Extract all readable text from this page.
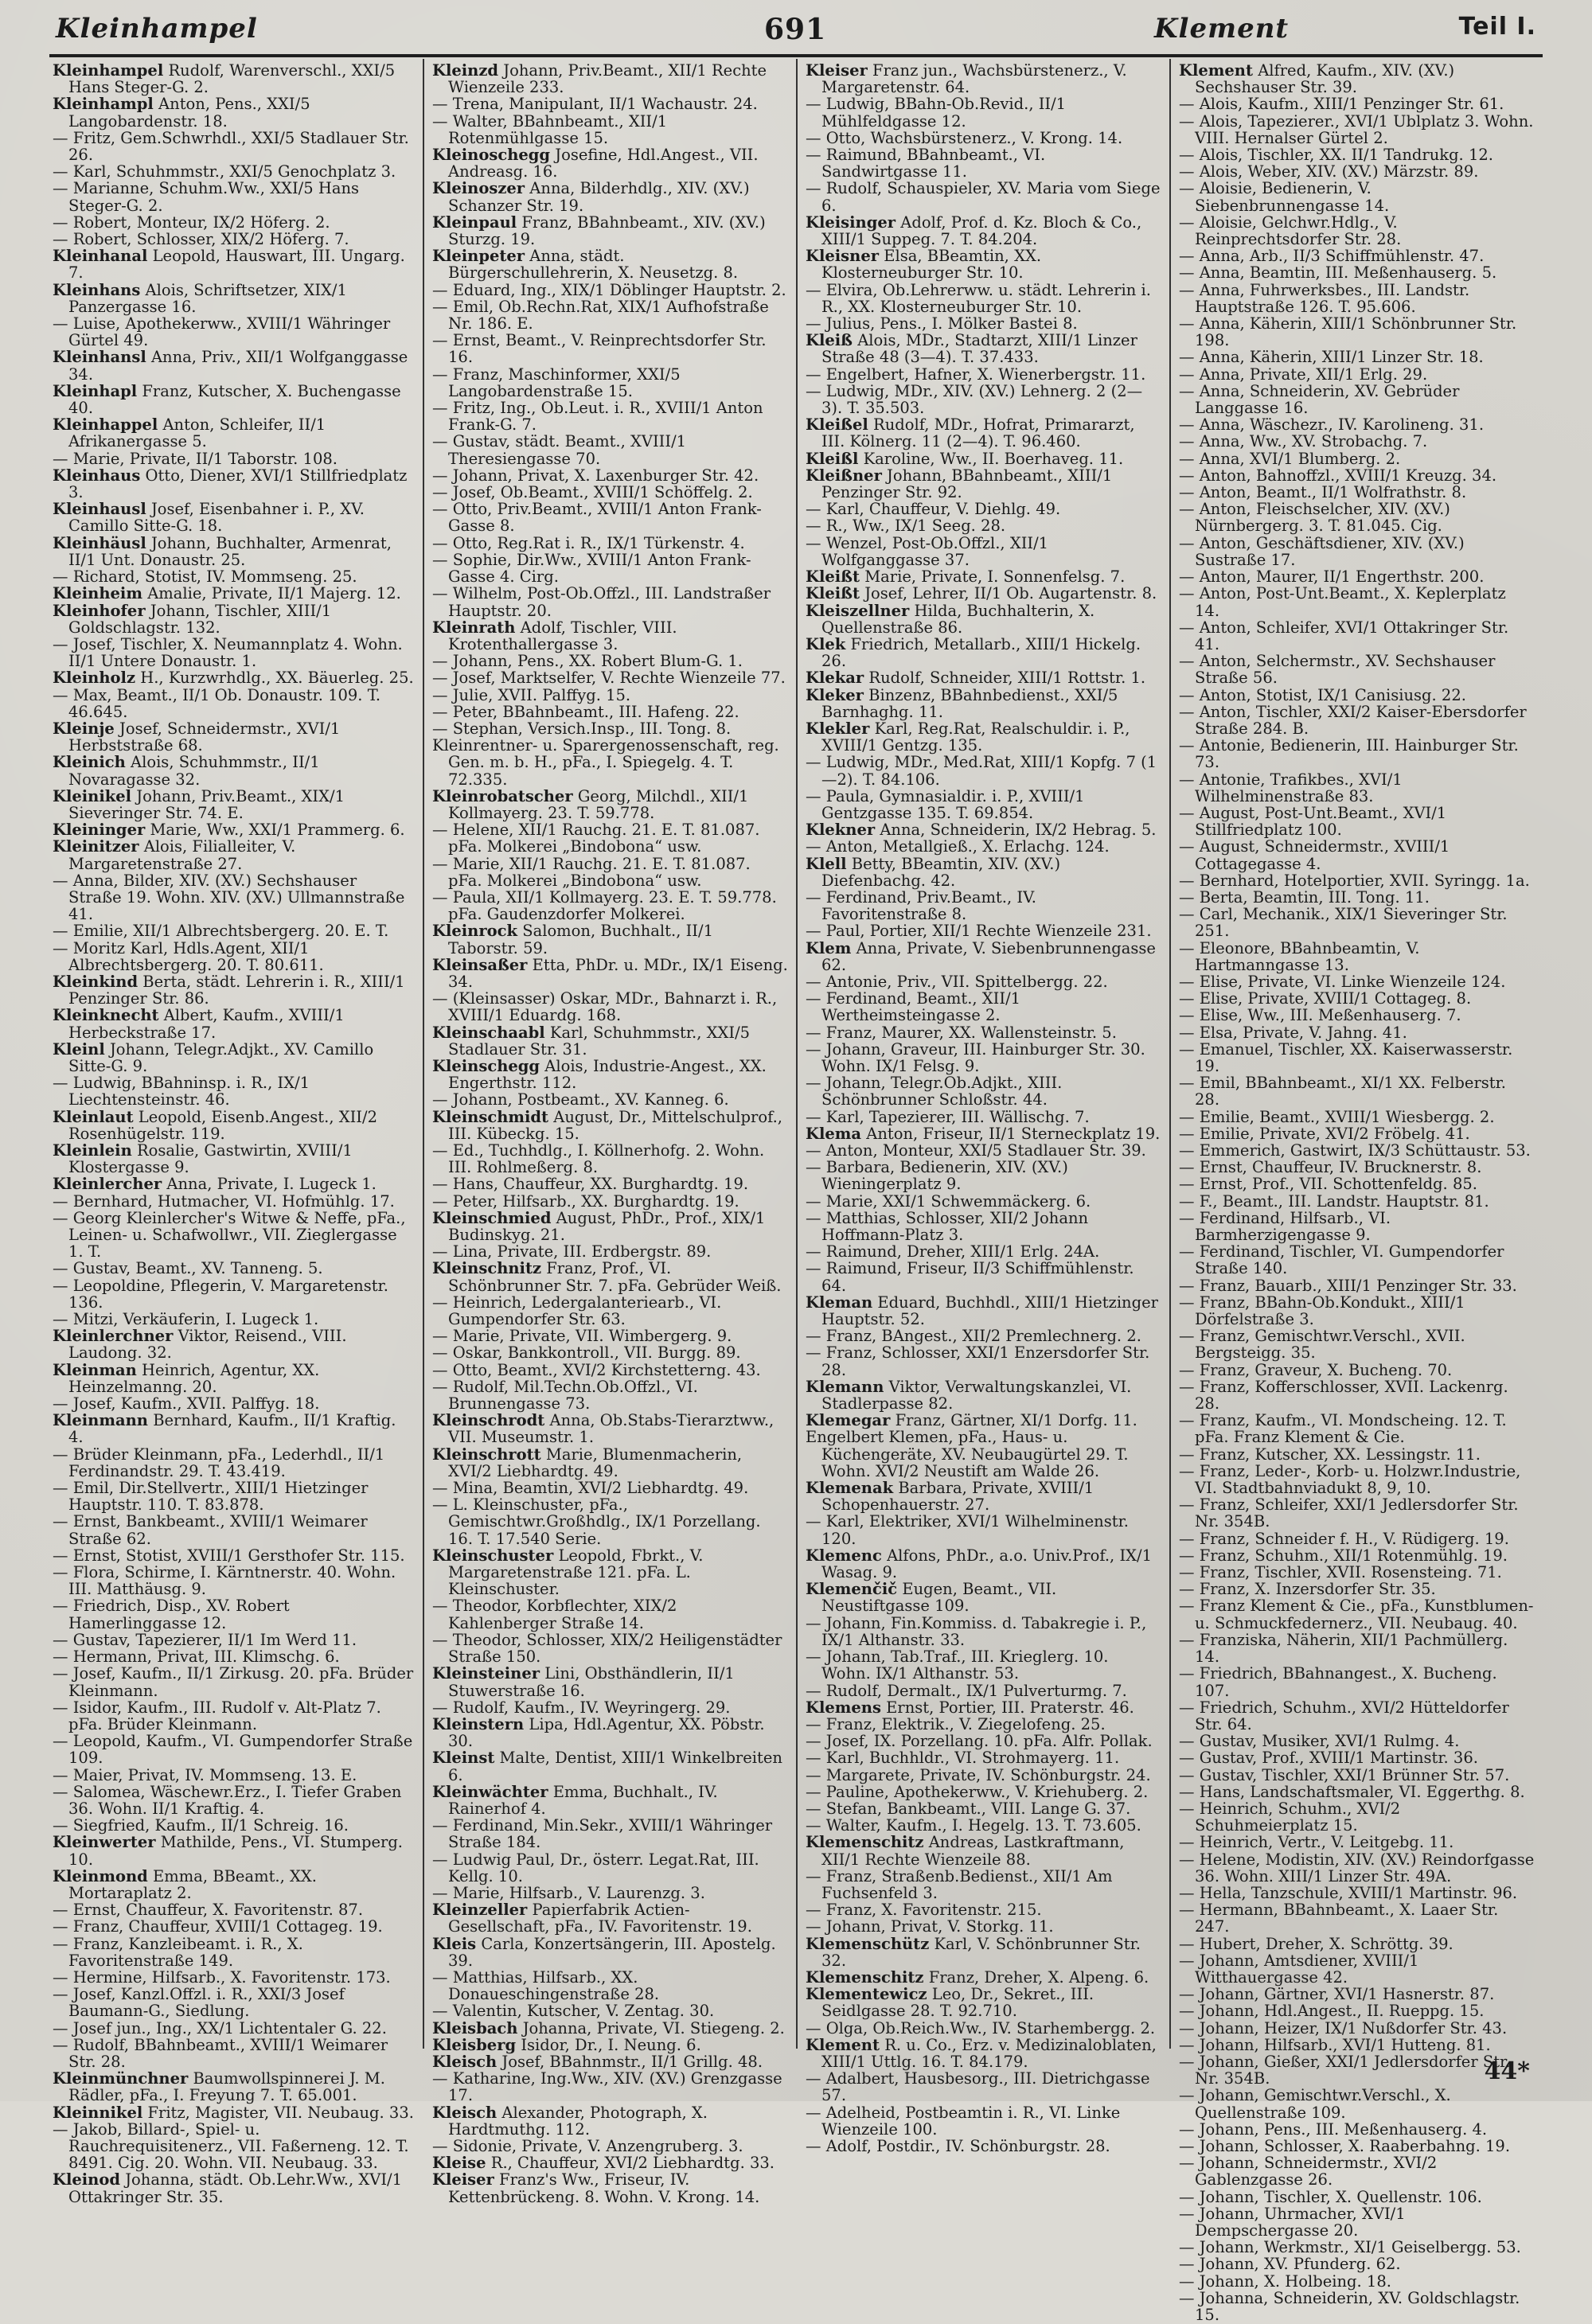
Kleinhampel	691	Klement	Teil I.

Kleinhampel Rudolf, Warenverschl., XXI/5 Hans Steger-G. 2.

Kleinhampl Anton, Pens., XXI/5 Langobardenstr. 18.

— Fritz, Gem.Schwrhdl., XXI/5 Stadlauer Str. 26.

— Karl, Schuhmmstr., XXI/5 Genochplatz 3.

— Marianne, Schuhm.Ww., XXI/5 Hans Steger-G. 2.

— Robert, Monteur, IX/2 Höferg. 2.

— Robert, Schlosser, XIX/2 Höferg. 7.

Kleinhanal Leopold, Hauswart, III. Ungarg. 7.

Kleinhans Alois, Schriftsetzer, XIX/1 Panzergasse 16.

— Luise, Apothekerww., XVIII/1 Währinger Gürtel 49.

Kleinhansl Anna, Priv., XII/1 Wolfganggasse 34.

Kleinhapl Franz, Kutscher, X. Buchengasse 40.

Kleinhappel Anton, Schleifer, II/1 Afrikanergasse 5.

— Marie, Private, II/1 Taborstr. 108.

Kleinhaus Otto, Diener, XVI/1 Stillfriedplatz 3.

Kleinhausl Josef, Eisenbahner i. P., XV. Camillo Sitte-G. 18.

Kleinhäusl Johann, Buchhalter, Armenrat, II/1 Unt. Donaustr. 25.

— Richard, Stotist, IV. Mommseng. 25.

Kleinheim Amalie, Private, II/1 Majerg. 12.

Kleinhofer Johann, Tischler, XIII/1 Goldschlagstr. 132.

— Josef, Tischler, X. Neumannplatz 4. Wohn. II/1 Untere Donaustr. 1.

Kleinholz H., Kurzwrhdlg., XX. Bäuerleg. 25.

— Max, Beamt., II/1 Ob. Donaustr. 109. T. 46.645.

Kleinje Josef, Schneidermstr., XVI/1 Herbststraße 68.

Kleinich Alois, Schuhmmstr., II/1 Novaragasse 32.

Kleinikel Johann, Priv.Beamt., XIX/1 Sieveringer Str. 74. E.

Kleininger Marie, Ww., XXI/1 Prammerg. 6.

Kleinitzer Alois, Filialleiter, V. Margaretenstraße 27.

— Anna, Bilder, XIV. (XV.) Sechshauser Straße 19. Wohn. XIV. (XV.) Ullmannstraße 41.

— Emilie, XII/1 Albrechtsbergerg. 20. E. T.

— Moritz Karl, Hdls.Agent, XII/1 Albrechtsbergerg. 20. T. 80.611.

Kleinkind Berta, städt. Lehrerin i. R., XIII/1 Penzinger Str. 86.

Kleinknecht Albert, Kaufm., XVIII/1 Herbeckstraße 17.

Kleinl Johann, Telegr.Adjkt., XV. Camillo Sitte-G. 9.

— Ludwig, BBahninsp. i. R., IX/1 Liechtensteinstr. 46.

Kleinlaut Leopold, Eisenb.Angest., XII/2 Rosenhügelstr. 119.

Kleinlein Rosalie, Gastwirtin, XVIII/1 Klostergasse 9.

Kleinlercher Anna, Private, I. Lugeck 1.

— Bernhard, Hutmacher, VI. Hofmühlg. 17.

— Georg Kleinlercher's Witwe & Neffe, pFa., Leinen- u. Schafwollwr., VII. Zieglergasse 1. T.

— Gustav, Beamt., XV. Tanneng. 5.

— Leopoldine, Pflegerin, V. Margaretenstr. 136.

— Mitzi, Verkäuferin, I. Lugeck 1.

Kleinlerchner Viktor, Reisend., VIII. Laudong. 32.

Kleinman Heinrich, Agentur, XX. Heinzelmanng. 20.

— Josef, Kaufm., XVII. Palffyg. 18.

Kleinmann Bernhard, Kaufm., II/1 Kraftig. 4.

— Brüder Kleinmann, pFa., Lederhdl., II/1 Ferdinandstr. 29. T. 43.419.

— Emil, Dir.Stellvertr., XIII/1 Hietzinger Hauptstr. 110. T. 83.878.

— Ernst, Bankbeamt., XVIII/1 Weimarer Straße 62.

— Ernst, Stotist, XVIII/1 Gersthofer Str. 115.

— Flora, Schirme, I. Kärntnerstr. 40. Wohn. III. Matthäusg. 9.

— Friedrich, Disp., XV. Robert Hamerlinggasse 12.

— Gustav, Tapezierer, II/1 Im Werd 11.

— Hermann, Privat, III. Klimschg. 6.

— Josef, Kaufm., II/1 Zirkusg. 20. pFa. Brüder Kleinmann.

— Isidor, Kaufm., III. Rudolf v. Alt-Platz 7. pFa. Brüder Kleinmann.

— Leopold, Kaufm., VI. Gumpendorfer Straße 109.

— Maier, Privat, IV. Mommseng. 13. E.

— Salomea, Wäschewr.Erz., I. Tiefer Graben 36. Wohn. II/1 Kraftig. 4.

— Siegfried, Kaufm., II/1 Schreig. 16.

Kleinwerter Mathilde, Pens., VI. Stumperg. 10.

Kleinmond Emma, BBeamt., XX. Mortaraplatz 2.

— Ernst, Chauffeur, X. Favoritenstr. 87.

— Franz, Chauffeur, XVIII/1 Cottageg. 19.

— Franz, Kanzleibeamt. i. R., X. Favoritenstraße 149.

— Hermine, Hilfsarb., X. Favoritenstr. 173.

— Josef, Kanzl.Offzl. i. R., XXI/3 Josef Baumann-G., Siedlung.

— Josef jun., Ing., XX/1 Lichtentaler G. 22.

— Rudolf, BBahnbeamt., XVIII/1 Weimarer Str. 28.

Kleinmünchner Baumwollspinnerei J. M. Rädler, pFa., I. Freyung 7. T. 65.001.

Kleinnikel Fritz, Magister, VII. Neubaug. 33.

— Jakob, Billard-, Spiel- u. Rauchrequisitenerz., VII. Faßerneng. 12. T. 8491. Cig. 20. Wohn. VII. Neubaug. 33.

Kleinod Johanna, städt. Ob.Lehr.Ww., XVI/1 Ottakringer Str. 35.

Kleinzd Johann, Priv.Beamt., XII/1 Rechte Wienzeile 233.

— Trena, Manipulant, II/1 Wachaustr. 24.

— Walter, BBahnbeamt., XII/1 Rotenmühlgasse 15.

Kleinoschegg Josefine, Hdl.Angest., VII. Andreasg. 16.

Kleinoszer Anna, Bilderhdlg., XIV. (XV.) Schanzer Str. 19.

Kleinpaul Franz, BBahnbeamt., XIV. (XV.) Sturzg. 19.

Kleinpeter Anna, städt. Bürgerschullehrerin, X. Neusetzg. 8.

— Eduard, Ing., XIX/1 Döblinger Hauptstr. 2.

— Emil, Ob.Rechn.Rat, XIX/1 Aufhofstraße Nr. 186. E.

— Ernst, Beamt., V. Reinprechtsdorfer Str. 16.

— Franz, Maschinformer, XXI/5 Langobardenstraße 15.

— Fritz, Ing., Ob.Leut. i. R., XVIII/1 Anton Frank-G. 7.

— Gustav, städt. Beamt., XVIII/1 Theresiengasse 70.

— Johann, Privat, X. Laxenburger Str. 42.

— Josef, Ob.Beamt., XVIII/1 Schöffelg. 2.

— Otto, Priv.Beamt., XVIII/1 Anton Frank-Gasse 8.

— Otto, Reg.Rat i. R., IX/1 Türkenstr. 4.

— Sophie, Dir.Ww., XVIII/1 Anton Frank-Gasse 4. Cirg.

— Wilhelm, Post-Ob.Offzl., III. Landstraßer Hauptstr. 20.

Kleinrath Adolf, Tischler, VIII. Krotenthallergasse 3.

— Johann, Pens., XX. Robert Blum-G. 1.

— Josef, Marktselfer, V. Rechte Wienzeile 77.

— Julie, XVII. Palffyg. 15.

— Peter, BBahnbeamt., III. Hafeng. 22.

— Stephan, Versich.Insp., III. Tong. 8.

Kleinrentner- u. Sparergenossenschaft, reg. Gen. m. b. H., pFa., I. Spiegelg. 4. T. 72.335.

Kleinrobatscher Georg, Milchdl., XII/1 Kollmayerg. 23. T. 59.778.

— Helene, XII/1 Rauchg. 21. E. T. 81.087. pFa. Molkerei „Bindobona“ usw.

— Marie, XII/1 Rauchg. 21. E. T. 81.087. pFa. Molkerei „Bindobona“ usw.

— Paula, XII/1 Kollmayerg. 23. E. T. 59.778. pFa. Gaudenzdorfer Molkerei.

Kleinrock Salomon, Buchhalt., II/1 Taborstr. 59.

Kleinsaßer Etta, PhDr. u. MDr., IX/1 Eiseng. 34.

— (Kleinsasser) Oskar, MDr., Bahnarzt i. R., XVIII/1 Eduardg. 168.

Kleinschaabl Karl, Schuhmmstr., XXI/5 Stadlauer Str. 31.

Kleinschegg Alois, Industrie-Angest., XX. Engerthstr. 112.

— Johann, Postbeamt., XV. Kanneg. 6.

Kleinschmidt August, Dr., Mittelschulprof., III. Kübeckg. 15.

— Ed., Tuchhdlg., I. Köllnerhofg. 2. Wohn. III. Rohlmeßerg. 8.

— Hans, Chauffeur, XX. Burghardtg. 19.

— Peter, Hilfsarb., XX. Burghardtg. 19.

Kleinschmied August, PhDr., Prof., XIX/1 Budinskyg. 21.

— Lina, Private, III. Erdbergstr. 89.

Kleinschnitz Franz, Prof., VI. Schönbrunner Str. 7. pFa. Gebrüder Weiß.

— Heinrich, Ledergalanteriearb., VI. Gumpendorfer Str. 63.

— Marie, Private, VII. Wimbergerg. 9.

— Oskar, Bankkontroll., VII. Burgg. 89.

— Otto, Beamt., XVI/2 Kirchstetterng. 43.

— Rudolf, Mil.Techn.Ob.Offzl., VI. Brunnengasse 73.

Kleinschrodt Anna, Ob.Stabs-Tierarztww., VII. Museumstr. 1.

Kleinschrott Marie, Blumenmacherin, XVI/2 Liebhardtg. 49.

— Mina, Beamtin, XVI/2 Liebhardtg. 49.

— L. Kleinschuster, pFa., Gemischtwr.Großhdlg., IX/1 Porzellang. 16. T. 17.540 Serie.

Kleinschuster Leopold, Fbrkt., V. Margaretenstraße 121. pFa. L. Kleinschuster.

— Theodor, Korbflechter, XIX/2 Kahlenberger Straße 14.

— Theodor, Schlosser, XIX/2 Heiligenstädter Straße 150.

Kleinsteiner Lini, Obsthändlerin, II/1 Stuwerstraße 16.

— Rudolf, Kaufm., IV. Weyringerg. 29.

Kleinstern Lipa, Hdl.Agentur, XX. Pöbstr. 30.

Kleinst Malte, Dentist, XIII/1 Winkelbreiten 6.

Kleinwächter Emma, Buchhalt., IV. Rainerhof 4.

— Ferdinand, Min.Sekr., XVIII/1 Währinger Straße 184.

— Ludwig Paul, Dr., österr. Legat.Rat, III. Kellg. 10.

— Marie, Hilfsarb., V. Laurenzg. 3.

Kleinzeller Papierfabrik Actien-Gesellschaft, pFa., IV. Favoritenstr. 19.

Kleis Carla, Konzertsängerin, III. Apostelg. 39.

— Matthias, Hilfsarb., XX. Donaueschingenstraße 28.

— Valentin, Kutscher, V. Zentag. 30.

Kleisbach Johanna, Private, VI. Stiegeng. 2.

Kleisberg Isidor, Dr., I. Neung. 6.

Kleisch Josef, BBahnmstr., II/1 Grillg. 48.

— Katharine, Ing.Ww., XIV. (XV.) Grenzgasse 17.

Kleisch Alexander, Photograph, X. Hardtmuthg. 112.

— Sidonie, Private, V. Anzengruberg. 3.

Kleise R., Chauffeur, XVI/2 Liebhardtg. 33.

Kleiser Franz's Ww., Friseur, IV. Kettenbrückeng. 8. Wohn. V. Krong. 14.

Kleiser Franz jun., Wachsbürstenerz., V. Margaretenstr. 64.

— Ludwig, BBahn-Ob.Revid., II/1 Mühlfeldgasse 12.

— Otto, Wachsbürstenerz., V. Krong. 14.

— Raimund, BBahnbeamt., VI. Sandwirtgasse 11.

— Rudolf, Schauspieler, XV. Maria vom Siege 6.

Kleisinger Adolf, Prof. d. Kz. Bloch & Co., XIII/1 Suppeg. 7. T. 84.204.

Kleisner Elsa, BBeamtin, XX. Klosterneuburger Str. 10.

— Elvira, Ob.Lehrerww. u. städt. Lehrerin i. R., XX. Klosterneuburger Str. 10.

— Julius, Pens., I. Mölker Bastei 8.

Kleiß Alois, MDr., Stadtarzt, XIII/1 Linzer Straße 48 (3—4). T. 37.433.

— Engelbert, Hafner, X. Wienerbergstr. 11.

— Ludwig, MDr., XIV. (XV.) Lehnerg. 2 (2—3). T. 35.503.

Kleißel Rudolf, MDr., Hofrat, Primararzt, III. Kölnerg. 11 (2—4). T. 96.460.

Kleißl Karoline, Ww., II. Boerhaveg. 11.

Kleißner Johann, BBahnbeamt., XIII/1 Penzinger Str. 92.

— Karl, Chauffeur, V. Diehlg. 49.

— R., Ww., IX/1 Seeg. 28.

— Wenzel, Post-Ob.Offzl., XII/1 Wolfganggasse 37.

Kleißt Marie, Private, I. Sonnenfelsg. 7.

Kleißt Josef, Lehrer, II/1 Ob. Augartenstr. 8.

Kleiszellner Hilda, Buchhalterin, X. Quellenstraße 86.

Klek Friedrich, Metallarb., XIII/1 Hickelg. 26.

Klekar Rudolf, Schneider, XIII/1 Rottstr. 1.

Kleker Binzenz, BBahnbedienst., XXI/5 Barnhaghg. 11.

Klekler Karl, Reg.Rat, Realschuldir. i. P., XVIII/1 Gentzg. 135.

— Ludwig, MDr., Med.Rat, XIII/1 Kopfg. 7 (1—2). T. 84.106.

— Paula, Gymnasialdir. i. P., XVIII/1 Gentzgasse 135. T. 69.854.

Klekner Anna, Schneiderin, IX/2 Hebrag. 5.

— Anton, Metallgieß., X. Erlachg. 124.

Klell Betty, BBeamtin, XIV. (XV.) Diefenbachg. 42.

— Ferdinand, Priv.Beamt., IV. Favoritenstraße 8.

— Paul, Portier, XII/1 Rechte Wienzeile 231.

Klem Anna, Private, V. Siebenbrunnengasse 62.

— Antonie, Priv., VII. Spittelbergg. 22.

— Ferdinand, Beamt., XII/1 Wertheimsteingasse 2.

— Franz, Maurer, XX. Wallensteinstr. 5.

— Johann, Graveur, III. Hainburger Str. 30. Wohn. IX/1 Felsg. 9.

— Johann, Telegr.Ob.Adjkt., XIII. Schönbrunner Schloßstr. 44.

— Karl, Tapezierer, III. Wällischg. 7.

Klema Anton, Friseur, II/1 Sterneckplatz 19.

— Anton, Monteur, XXI/5 Stadlauer Str. 39.

— Barbara, Bedienerin, XIV. (XV.) Wieningerplatz 9.

— Marie, XXI/1 Schwemmäckerg. 6.

— Matthias, Schlosser, XII/2 Johann Hoffmann-Platz 3.

— Raimund, Dreher, XIII/1 Erlg. 24A.

— Raimund, Friseur, II/3 Schiffmühlenstr. 64.

Kleman Eduard, Buchhdl., XIII/1 Hietzinger Hauptstr. 52.

— Franz, BAngest., XII/2 Premlechnerg. 2.

— Franz, Schlosser, XXI/1 Enzersdorfer Str. 28.

Klemann Viktor, Verwaltungskanzlei, VI. Stadlerpasse 82.

Klemegar Franz, Gärtner, XI/1 Dorfg. 11.

Engelbert Klemen, pFa., Haus- u. Küchengeräte, XV. Neubaugürtel 29. T. Wohn. XVI/2 Neustift am Walde 26.

Klemenak Barbara, Private, XVIII/1 Schopenhauerstr. 27.

— Karl, Elektriker, XVI/1 Wilhelminenstr. 120.

Klemenc Alfons, PhDr., a.o. Univ.Prof., IX/1 Wasag. 9.

Klemenčič Eugen, Beamt., VII. Neustiftgasse 109.

— Johann, Fin.Kommiss. d. Tabakregie i. P., IX/1 Althanstr. 33.

— Johann, Tab.Traf., III. Krieglerg. 10. Wohn. IX/1 Althanstr. 53.

— Rudolf, Dermalt., IX/1 Pulverturmg. 7.

Klemens Ernst, Portier, III. Praterstr. 46.

— Franz, Elektrik., V. Ziegelofeng. 25.

— Josef, IX. Porzellang. 10. pFa. Alfr. Pollak.

— Karl, Buchhldr., VI. Strohmayerg. 11.

— Margarete, Private, IV. Schönburgstr. 24.

— Pauline, Apothekerww., V. Kriehuberg. 2.

— Stefan, Bankbeamt., VIII. Lange G. 37.

— Walter, Kaufm., I. Hegelg. 13. T. 73.605.

Klemenschitz Andreas, Lastkraftmann, XII/1 Rechte Wienzeile 88.

— Franz, Straßenb.Bedienst., XII/1 Am Fuchsenfeld 3.

— Franz, X. Favoritenstr. 215.

— Johann, Privat, V. Storkg. 11.

Klemenschütz Karl, V. Schönbrunner Str. 32.

Klemenschitz Franz, Dreher, X. Alpeng. 6.

Klementewicz Leo, Dr., Sekret., III. Seidlgasse 28. T. 92.710.

— Olga, Ob.Reich.Ww., IV. Starhembergg. 2.

Klement R. u. Co., Erz. v. Medizinaloblaten, XIII/1 Uttlg. 16. T. 84.179.

— Adalbert, Hausbesorg., III. Dietrichgasse 57.

— Adelheid, Postbeamtin i. R., VI. Linke Wienzeile 100.

— Adolf, Postdir., IV. Schönburgstr. 28.

Klement Alfred, Kaufm., XIV. (XV.) Sechshauser Str. 39.

— Alois, Kaufm., XIII/1 Penzinger Str. 61.

— Alois, Tapezierer., XVI/1 Ublplatz 3. Wohn. VIII. Hernalser Gürtel 2.

— Alois, Tischler, XX. II/1 Tandrukg. 12.

— Alois, Weber, XIV. (XV.) Märzstr. 89.

— Aloisie, Bedienerin, V. Siebenbrunnengasse 14.

— Aloisie, Gelchwr.Hdlg., V. Reinprechtsdorfer Str. 28.

— Anna, Arb., II/3 Schiffmühlenstr. 47.

— Anna, Beamtin, III. Meßenhauserg. 5.

— Anna, Fuhrwerksbes., III. Landstr. Hauptstraße 126. T. 95.606.

— Anna, Käherin, XIII/1 Schönbrunner Str. 198.

— Anna, Käherin, XIII/1 Linzer Str. 18.

— Anna, Private, XII/1 Erlg. 29.

— Anna, Schneiderin, XV. Gebrüder Langgasse 16.

— Anna, Wäschezr., IV. Karolineng. 31.

— Anna, Ww., XV. Strobachg. 7.

— Anna, XVI/1 Blumberg. 2.

— Anton, Bahnoffzl., XVIII/1 Kreuzg. 34.

— Anton, Beamt., II/1 Wolfrathstr. 8.

— Anton, Fleischselcher, XIV. (XV.) Nürnbergerg. 3. T. 81.045. Cig.

— Anton, Geschäftsdiener, XIV. (XV.) Sustraße 17.

— Anton, Maurer, II/1 Engerthstr. 200.

— Anton, Post-Unt.Beamt., X. Keplerplatz 14.

— Anton, Schleifer, XVI/1 Ottakringer Str. 41.

— Anton, Selchermstr., XV. Sechshauser Straße 56.

— Anton, Stotist, IX/1 Canisiusg. 22.

— Anton, Tischler, XXI/2 Kaiser-Ebersdorfer Straße 284. B.

— Antonie, Bedienerin, III. Hainburger Str. 73.

— Antonie, Trafikbes., XVI/1 Wilhelminenstraße 83.

— August, Post-Unt.Beamt., XVI/1 Stillfriedplatz 100.

— August, Schneidermstr., XVIII/1 Cottagegasse 4.

— Bernhard, Hotelportier, XVII. Syringg. 1a.

— Berta, Beamtin, III. Tong. 11.

— Carl, Mechanik., XIX/1 Sieveringer Str. 251.

— Eleonore, BBahnbeamtin, V. Hartmanngasse 13.

— Elise, Private, VI. Linke Wienzeile 124.

— Elise, Private, XVIII/1 Cottageg. 8.

— Elise, Ww., III. Meßenhauserg. 7.

— Elsa, Private, V. Jahng. 41.

— Emanuel, Tischler, XX. Kaiserwasserstr. 19.

— Emil, BBahnbeamt., XI/1 XX. Felberstr. 28.

— Emilie, Beamt., XVIII/1 Wiesbergg. 2.

— Emilie, Private, XVI/2 Fröbelg. 41.

— Emmerich, Gastwirt, IX/3 Schüttaustr. 53.

— Ernst, Chauffeur, IV. Brucknerstr. 8.

— Ernst, Prof., VII. Schottenfeldg. 85.

— F., Beamt., III. Landstr. Hauptstr. 81.

— Ferdinand, Hilfsarb., VI. Barmherzigengasse 9.

— Ferdinand, Tischler, VI. Gumpendorfer Straße 140.

— Franz, Bauarb., XIII/1 Penzinger Str. 33.

— Franz, BBahn-Ob.Kondukt., XIII/1 Dörfelstraße 3.

— Franz, Gemischtwr.Verschl., XVII. Bergsteigg. 35.

— Franz, Graveur, X. Bucheng. 70.

— Franz, Kofferschlosser, XVII. Lackenrg. 28.

— Franz, Kaufm., VI. Mondscheing. 12. T. pFa. Franz Klement & Cie.

— Franz, Kutscher, XX. Lessingstr. 11.

— Franz, Leder-, Korb- u. Holzwr.Industrie, VI. Stadtbahnviadukt 8, 9, 10.

— Franz, Schleifer, XXI/1 Jedlersdorfer Str. Nr. 354B.

— Franz, Schneider f. H., V. Rüdigerg. 19.

— Franz, Schuhm., XII/1 Rotenmühlg. 19.

— Franz, Tischler, XVII. Rosensteing. 71.

— Franz, X. Inzersdorfer Str. 35.

— Franz Klement & Cie., pFa., Kunstblumen- u. Schmuckfedernerz., VII. Neubaug. 40.

— Franziska, Näherin, XII/1 Pachmüllerg. 14.

— Friedrich, BBahnangest., X. Bucheng. 107.

— Friedrich, Schuhm., XVI/2 Hütteldorfer Str. 64.

— Gustav, Musiker, XVI/1 Rulmg. 4.

— Gustav, Prof., XVIII/1 Martinstr. 36.

— Gustav, Tischler, XXI/1 Brünner Str. 57.

— Hans, Landschaftsmaler, VI. Eggerthg. 8.

— Heinrich, Schuhm., XVI/2 Schuhmeierplatz 15.

— Heinrich, Vertr., V. Leitgebg. 11.

— Helene, Modistin, XIV. (XV.) Reindorfgasse 36. Wohn. XIII/1 Linzer Str. 49A.

— Hella, Tanzschule, XVIII/1 Martinstr. 96.

— Hermann, BBahnbeamt., X. Laaer Str. 247.

— Hubert, Dreher, X. Schröttg. 39.

— Johann, Amtsdiener, XVIII/1 Witthauergasse 42.

— Johann, Gärtner, XVI/1 Hasnerstr. 87.

— Johann, Hdl.Angest., II. Rueppg. 15.

— Johann, Heizer, IX/1 Nußdorfer Str. 43.

— Johann, Hilfsarb., XVI/1 Hutteng. 81.

— Johann, Gießer, XXI/1 Jedlersdorfer Str. Nr. 354B.

— Johann, Gemischtwr.Verschl., X. Quellenstraße 109.

— Johann, Pens., III. Meßenhauserg. 4.

— Johann, Schlosser, X. Raaberbahng. 19.

— Johann, Schneidermstr., XVI/2 Gablenzgasse 26.

— Johann, Tischler, X. Quellenstr. 106.

— Johann, Uhrmacher, XVI/1 Dempschergasse 20.

— Johann, Werkmstr., XI/1 Geiselbergg. 53.

— Johann, XV. Pfunderg. 62.

— Johann, X. Holbeing. 18.

— Johanna, Schneiderin, XV. Goldschlagstr. 15.

44*
